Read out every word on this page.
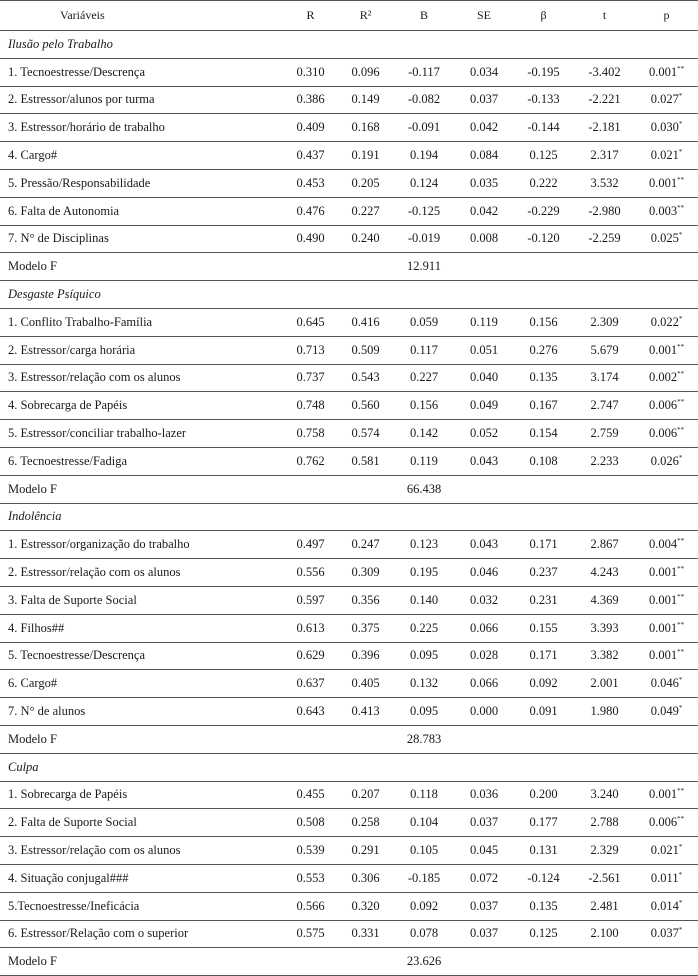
Variáveis	R	R²	B	SE	β	t	p
Ilusão pelo Trabalho							
1. Tecnoestresse/Descrença	0.310	0.096	-0.117	0.034	-0.195	-3.402	0.001**
2. Estressor/alunos por turma	0.386	0.149	-0.082	0.037	-0.133	-2.221	0.027*
3. Estressor/horário de trabalho	0.409	0.168	-0.091	0.042	-0.144	-2.181	0.030*
4. Cargo#	0.437	0.191	0.194	0.084	0.125	2.317	0.021*
5. Pressão/Responsabilidade	0.453	0.205	0.124	0.035	0.222	3.532	0.001**
6. Falta de Autonomia	0.476	0.227	-0.125	0.042	-0.229	-2.980	0.003**
7. N° de Disciplinas	0.490	0.240	-0.019	0.008	-0.120	-2.259	0.025*
Modelo F			12.911				
Desgaste Psíquico							
1. Conflito Trabalho-Família	0.645	0.416	0.059	0.119	0.156	2.309	0.022*
2. Estressor/carga horária	0.713	0.509	0.117	0.051	0.276	5.679	0.001**
3. Estressor/relação com os alunos	0.737	0.543	0.227	0.040	0.135	3.174	0.002**
4. Sobrecarga de Papéis	0.748	0.560	0.156	0.049	0.167	2.747	0.006**
5. Estressor/conciliar trabalho-lazer	0.758	0.574	0.142	0.052	0.154	2.759	0.006**
6. Tecnoestresse/Fadiga	0.762	0.581	0.119	0.043	0.108	2.233	0.026*
Modelo F			66.438				
Indolência							
1. Estressor/organização do trabalho	0.497	0.247	0.123	0.043	0.171	2.867	0.004**
2. Estressor/relação com os alunos	0.556	0.309	0.195	0.046	0.237	4.243	0.001**
3. Falta de Suporte Social	0.597	0.356	0.140	0.032	0.231	4.369	0.001**
4. Filhos##	0.613	0.375	0.225	0.066	0.155	3.393	0.001**
5. Tecnoestresse/Descrença	0.629	0.396	0.095	0.028	0.171	3.382	0.001**
6. Cargo#	0.637	0.405	0.132	0.066	0.092	2.001	0.046*
7. N° de alunos	0.643	0.413	0.095	0.000	0.091	1.980	0.049*
Modelo F			28.783				
Culpa							
1. Sobrecarga de Papéis	0.455	0.207	0.118	0.036	0.200	3.240	0.001**
2. Falta de Suporte Social	0.508	0.258	0.104	0.037	0.177	2.788	0.006**
3. Estressor/relação com os alunos	0.539	0.291	0.105	0.045	0.131	2.329	0.021*
4. Situação conjugal###	0.553	0.306	-0.185	0.072	-0.124	-2.561	0.011*
5.Tecnoestresse/Ineficácia	0.566	0.320	0.092	0.037	0.135	2.481	0.014*
6. Estressor/Relação com o superior	0.575	0.331	0.078	0.037	0.125	2.100	0.037*
Modelo F			23.626				
